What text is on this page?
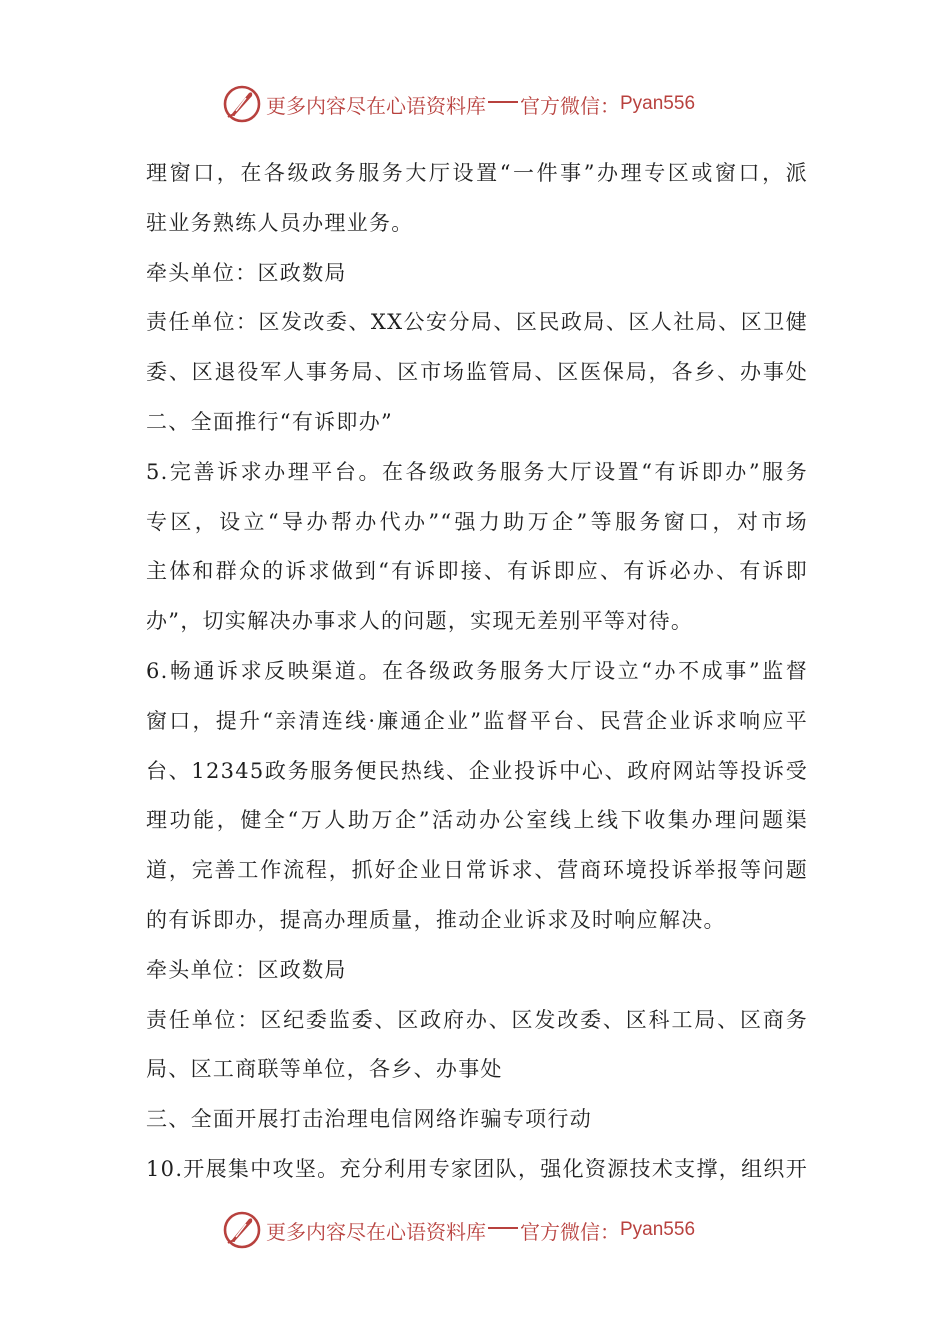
更多内容尽在心语资料库 官方微信： Pyan556
理窗口，在各级政务服务大厅设置“一件事”办理专区或窗口，派
驻业务熟练人员办理业务。
牵头单位：区政数局
责任单位：区发改委、XX公安分局、区民政局、区人社局、区卫健
委、区退役军人事务局、区市场监管局、区医保局，各乡、办事处
二、全面推行“有诉即办”
5.完善诉求办理平台。在各级政务服务大厅设置“有诉即办”服务
专区，设立“导办帮办代办”“强力助万企”等服务窗口，对市场
主体和群众的诉求做到“有诉即接、有诉即应、有诉必办、有诉即
办”，切实解决办事求人的问题，实现无差别平等对待。
6.畅通诉求反映渠道。在各级政务服务大厅设立“办不成事”监督
窗口，提升“亲清连线·廉通企业”监督平台、民营企业诉求响应平
台、12345政务服务便民热线、企业投诉中心、政府网站等投诉受
理功能，健全“万人助万企”活动办公室线上线下收集办理问题渠
道，完善工作流程，抓好企业日常诉求、营商环境投诉举报等问题
的有诉即办，提高办理质量，推动企业诉求及时响应解决。
牵头单位：区政数局
责任单位：区纪委监委、区政府办、区发改委、区科工局、区商务
局、区工商联等单位，各乡、办事处
三、全面开展打击治理电信网络诈骗专项行动
10.开展集中攻坚。充分利用专家团队，强化资源技术支撑，组织开
更多内容尽在心语资料库 官方微信： Pyan556
